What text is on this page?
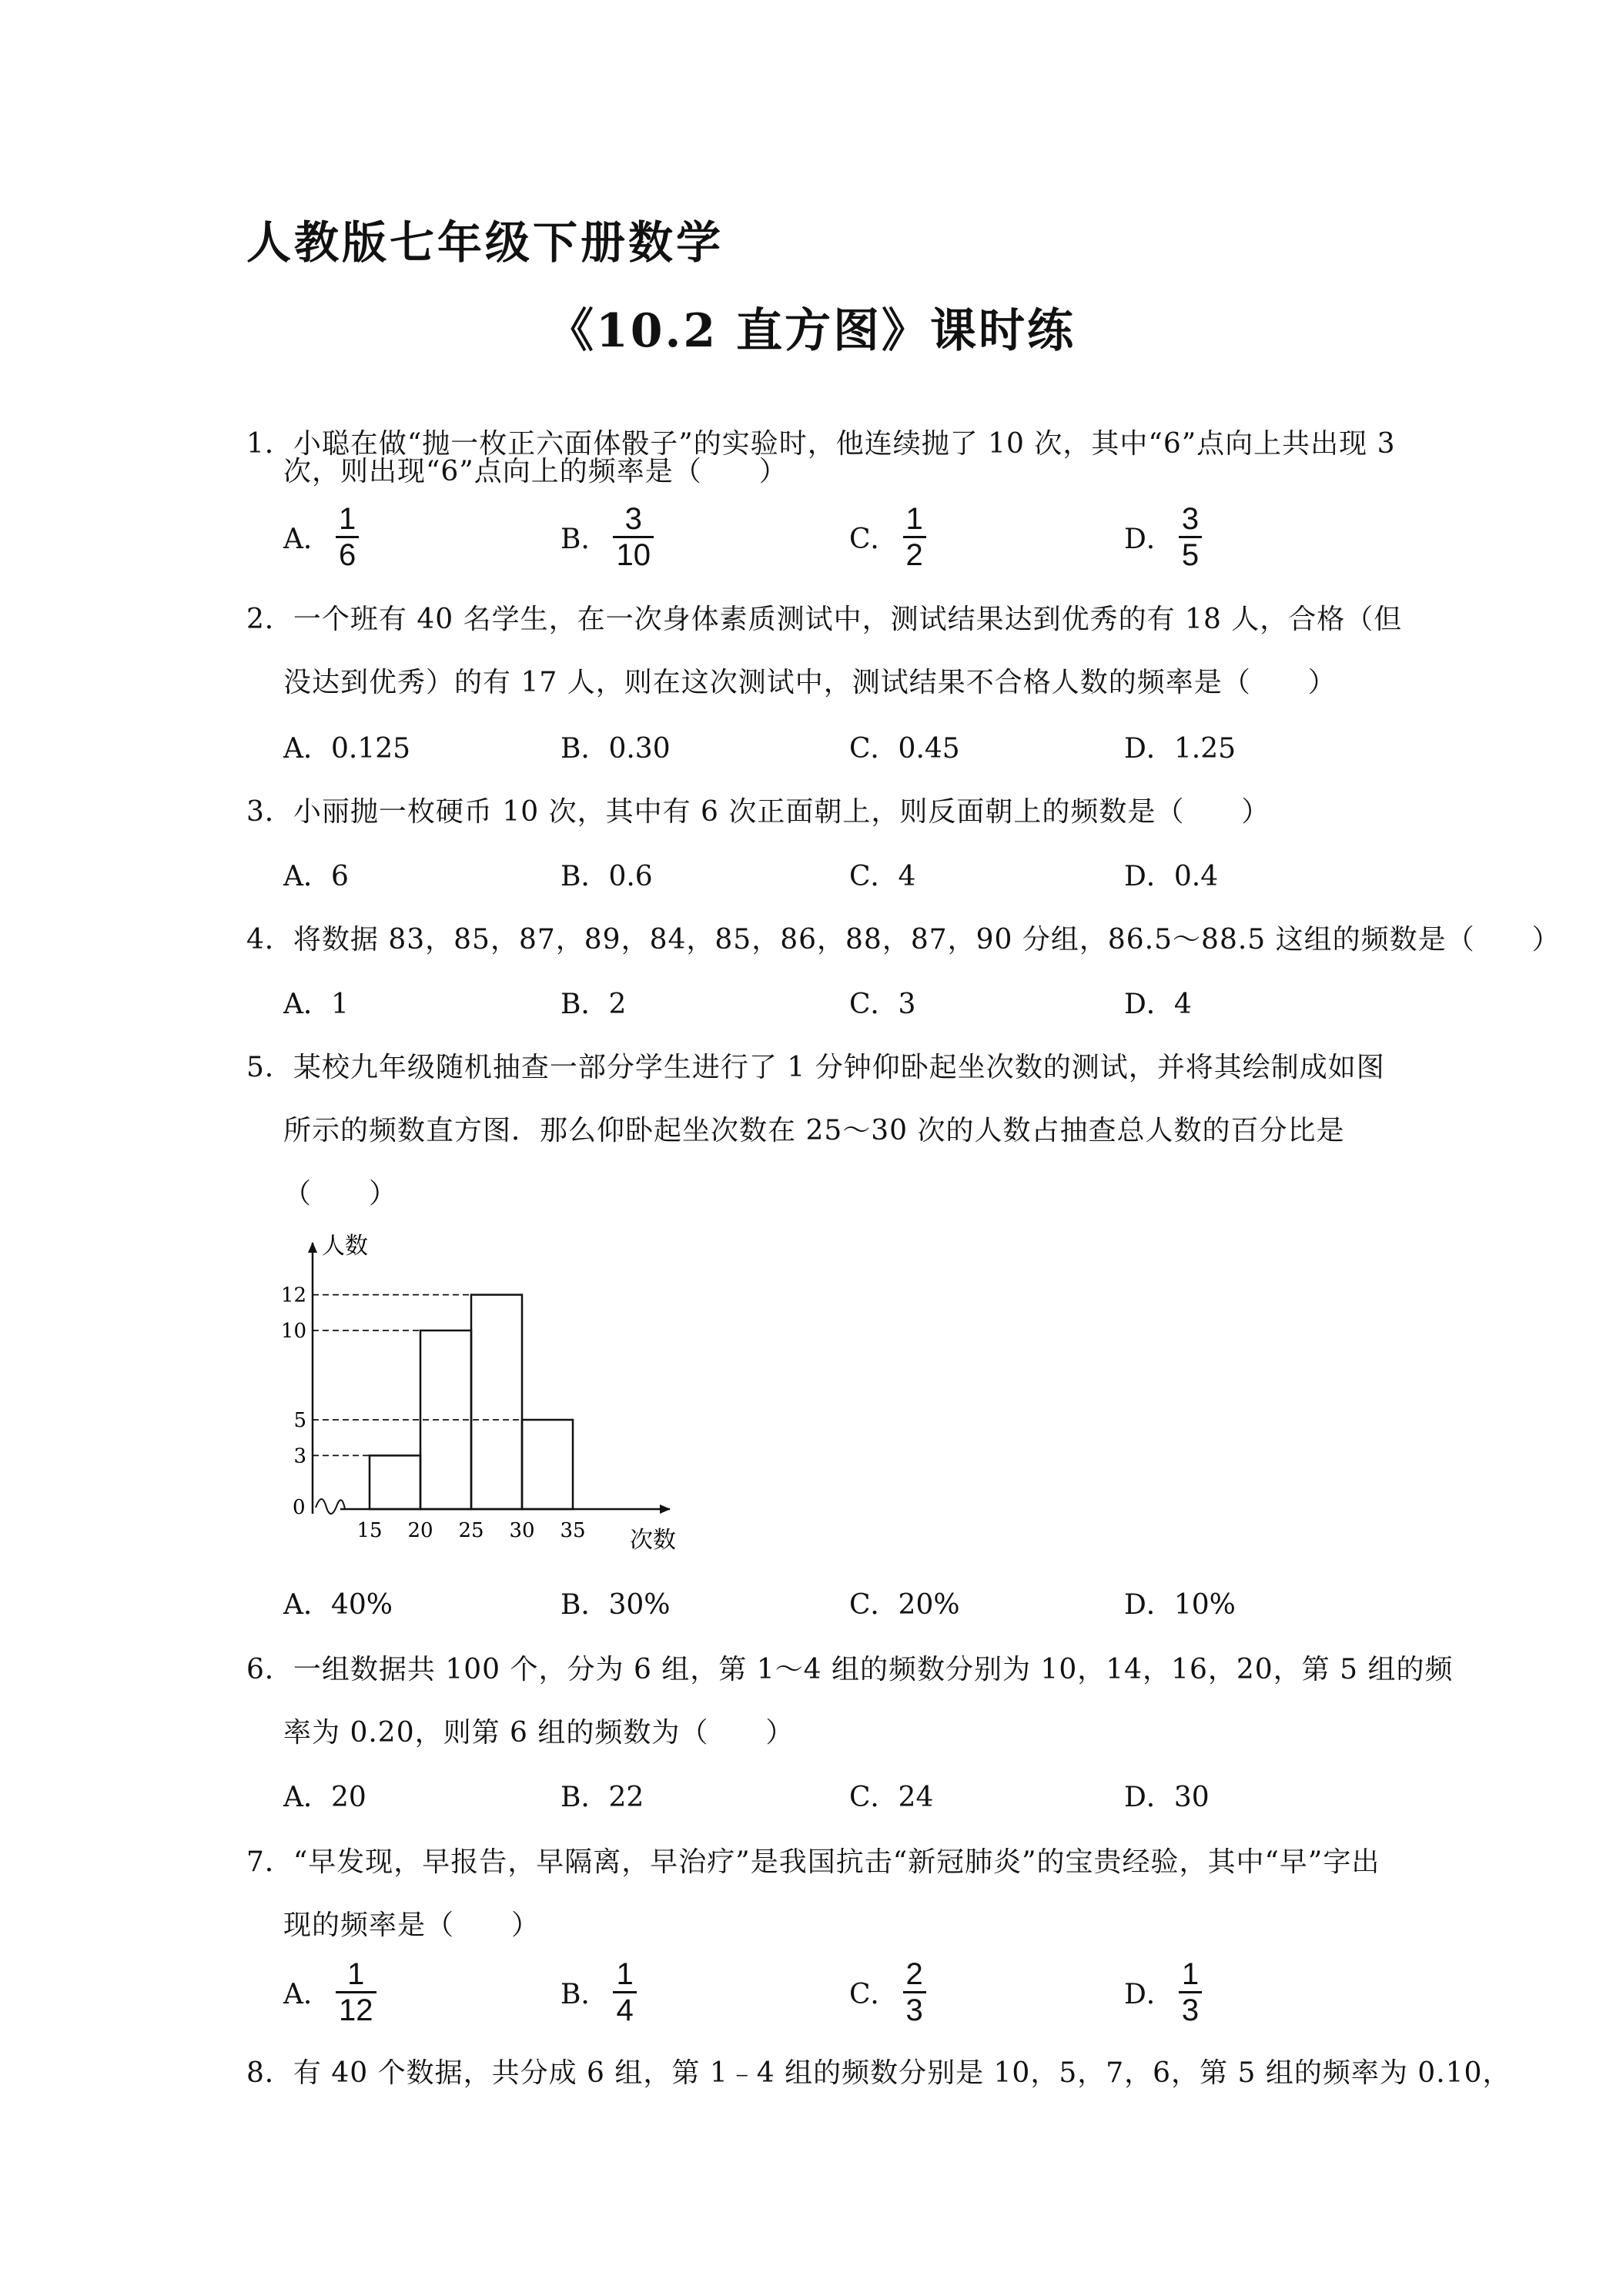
人教版七年级下册数学
《10.2 直方图》课时练
1．小聪在做“抛一枚正六面体骰子”的实验时，他连续抛了 10 次，其中“6”点向上共出现 3
次，则出现“6”点向上的频率是（　　）
A． $\frac{1}{6}$	B． $\frac{3}{10}$	C． $\frac{1}{2}$	D． $\frac{3}{5}$
2．一个班有 40 名学生，在一次身体素质测试中，测试结果达到优秀的有 18 人，合格（但
没达到优秀）的有 17 人，则在这次测试中，测试结果不合格人数的频率是（　　）
A．0.125	B．0.30	C．0.45	D．1.25
3．小丽抛一枚硬币 10 次，其中有 6 次正面朝上，则反面朝上的频数是（　　）
A．6	B．0.6	C．4	D．0.4
4．将数据 83，85，87，89，84，85，86，88，87，90 分组，86.5～88.5 这组的频数是（　　）
A．1	B．2	C．3	D．4
5．某校九年级随机抽查一部分学生进行了 1 分钟仰卧起坐次数的测试，并将其绘制成如图
所示的频数直方图．那么仰卧起坐次数在 25～30 次的人数占抽查总人数的百分比是
（　　）
0
3
5
10
12
15 20 25 30 35
人数
次数
A．40%	B．30%	C．20%	D．10%
6．一组数据共 100 个，分为 6 组，第 1～4 组的频数分别为 10，14，16，20，第 5 组的频
率为 0.20，则第 6 组的频数为（　　）
A．20	B．22	C．24	D．30
7．“早发现，早报告，早隔离，早治疗”是我国抗击“新冠肺炎”的宝贵经验，其中“早”字出
现的频率是（　　）
A． $\frac{1}{12}$	B． $\frac{1}{4}$	C． $\frac{2}{3}$	D． $\frac{1}{3}$
8．有 40 个数据，共分成 6 组，第 1﹣4 组的频数分别是 10，5，7，6，第 5 组的频率为 0.10，
